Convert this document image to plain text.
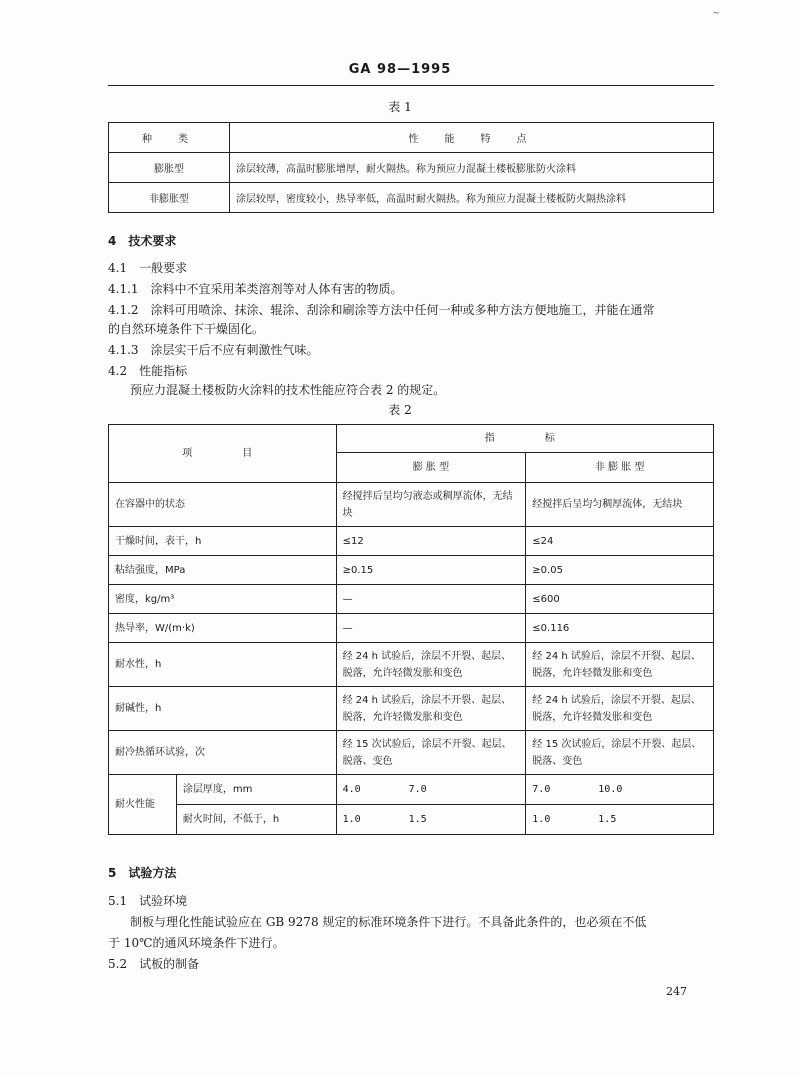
~
GA 98—1995
表 1
种　类	性　能　特　点
膨胀型	涂层较薄，高温时膨胀增厚，耐火隔热。称为预应力混凝土楼板膨胀防火涂料
非膨胀型	涂层较厚，密度较小，热导率低，高温时耐火隔热。称为预应力混凝土楼板防火隔热涂料
4　技术要求
4.1　一般要求
4.1.1　涂料中不宜采用苯类溶剂等对人体有害的物质。
4.1.2　涂料可用喷涂、抹涂、辊涂、刮涂和刷涂等方法中任何一种或多种方法方便地施工，并能在通常
的自然环境条件下干燥固化。
4.1.3　涂层实干后不应有刺激性气味。
4.2　性能指标
预应力混凝土楼板防火涂料的技术性能应符合表 2 的规定。
表 2
项　　目		指　　标	
		膨 胀 型	非 膨 胀 型
在容器中的状态		经搅拌后呈均匀液态或稠厚流体，无结块	经搅拌后呈均匀稠厚流体，无结块
干燥时间，表干，h		≤12	≤24
粘结强度，MPa		≥0.15	≥0.05
密度，kg/m³		—	≤600
热导率，W/(m·k)		—	≤0.116
耐水性，h		经 24 h 试验后，涂层不开裂、起层、脱落，允许轻微发胀和变色	经 24 h 试验后，涂层不开裂、起层、脱落，允许轻微发胀和变色
耐碱性，h		经 24 h 试验后，涂层不开裂、起层、脱落，允许轻微发胀和变色	经 24 h 试验后，涂层不开裂、起层、脱落，允许轻微发胀和变色
耐冷热循环试验，次		经 15 次试验后，涂层不开裂、起层、脱落、变色	经 15 次试验后，涂层不开裂、起层、脱落、变色
耐火性能	涂层厚度，mm	4.0 7.0	7.0 10.0
	耐火时间，不低于，h	1.0 1.5	1.0 1.5
5　试验方法
5.1　试验环境
制板与理化性能试验应在 GB 9278 规定的标准环境条件下进行。不具备此条件的，也必须在不低
于 10℃的通风环境条件下进行。
5.2　试板的制备
247
